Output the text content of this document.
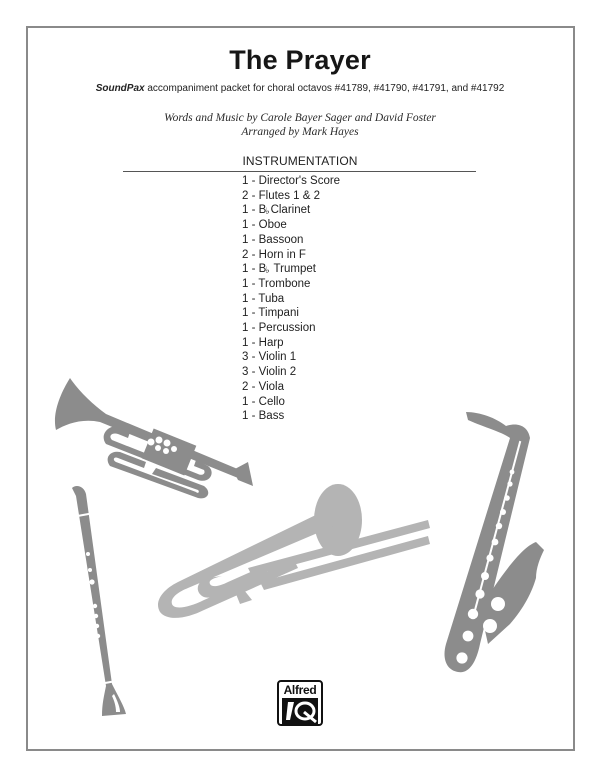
The Prayer
SoundPax accompaniment packet for choral octavos #41789, #41790, #41791, and #41792
Words and Music by Carole Bayer Sager and David Foster
Arranged by Mark Hayes
INSTRUMENTATION
1 - Director's Score
2 - Flutes 1 & 2
1 - B♭Clarinet
1 - Oboe
1 - Bassoon
2 - Horn in F
1 - B♭ Trumpet
1 - Trombone
1 - Tuba
1 - Timpani
1 - Percussion
1 - Harp
3 - Violin 1
3 - Violin 2
2 - Viola
1 - Cello
1 - Bass
Alfred
